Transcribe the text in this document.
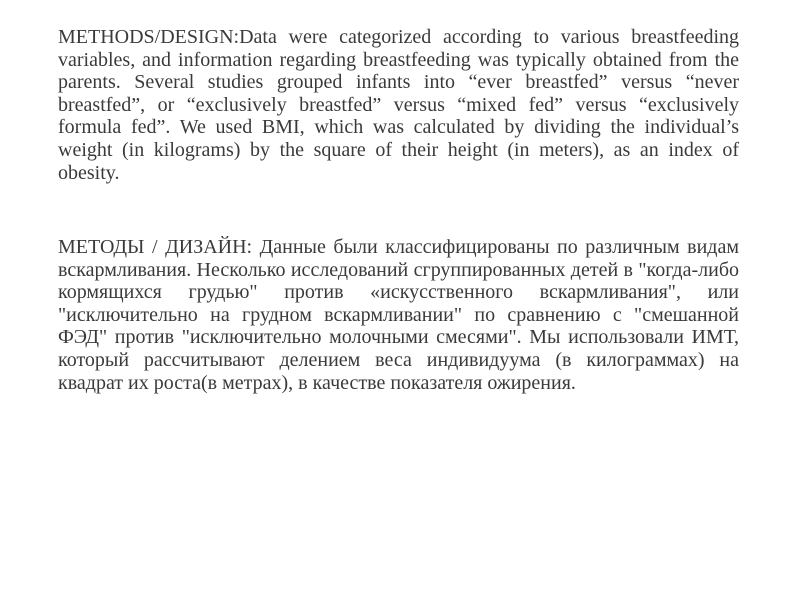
METHODS/DESIGN:Data were categorized according to various breastfeeding variables, and information regarding breastfeeding was typically obtained from the parents. Several studies grouped infants into “ever breastfed” versus “never breastfed”, or “exclusively breastfed” versus “mixed fed” versus “exclusively formula fed”. We used BMI, which was calculated by dividing the individual’s weight (in kilograms) by the square of their height (in meters), as an index of obesity.

МЕТОДЫ / ДИЗАЙН: Данные были классифицированы по различным видам вскармливания. Несколько исследований сгруппированных детей в "когда-либо кормящихся грудью" против «искусственного вскармливания", или "исключительно на грудном вскармливании" по сравнению с "смешанной ФЭД" против "исключительно молочными смесями". Мы использовали ИМТ, который рассчитывают делением веса индивидуума (в килограммах) на квадрат их роста(в метрах), в качестве показателя ожирения.
